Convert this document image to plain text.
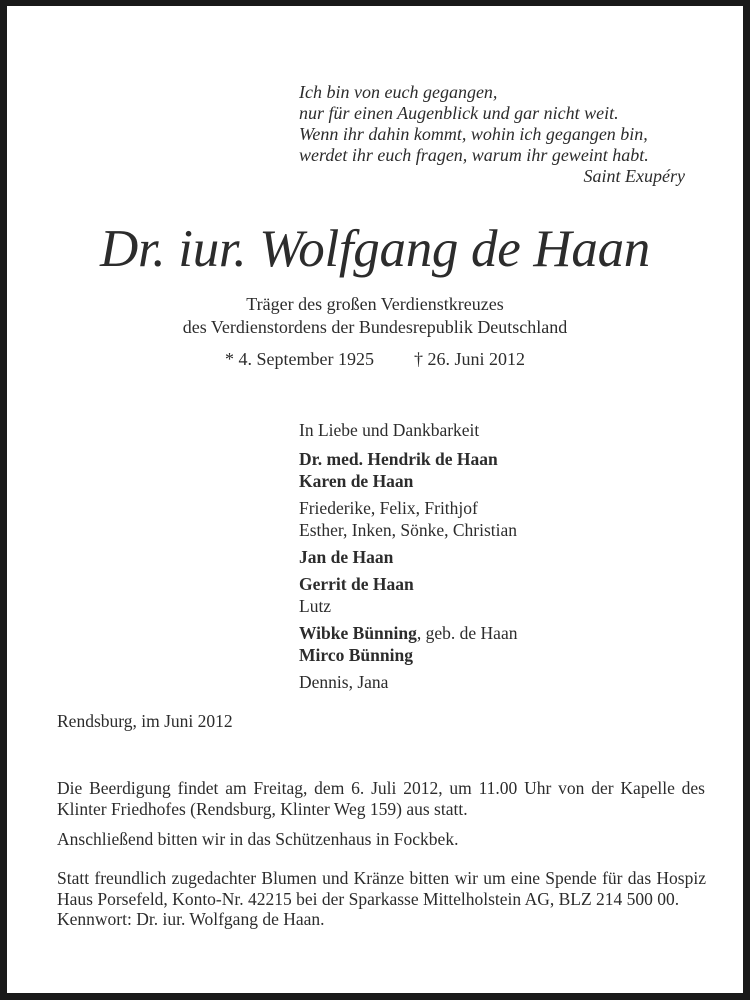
Ich bin von euch gegangen,
nur für einen Augenblick und gar nicht weit.
Wenn ihr dahin kommt, wohin ich gegangen bin,
werdet ihr euch fragen, warum ihr geweint habt.
Saint Exupéry
Dr. iur. Wolfgang de Haan
Träger des großen Verdienstkreuzes
des Verdienstordens der Bundesrepublik Deutschland
* 4. September 1925 † 26. Juni 2012
In Liebe und Dankbarkeit
Dr. med. Hendrik de Haan
Karen de Haan
Friederike, Felix, Frithjof
Esther, Inken, Sönke, Christian
Jan de Haan
Gerrit de Haan
Lutz
Wibke Bünning, geb. de Haan
Mirco Bünning
Dennis, Jana
Rendsburg, im Juni 2012

Die Beerdigung findet am Freitag, dem 6. Juli 2012, um 11.00 Uhr von der Kapelle des Klinter Friedhofes (Rendsburg, Klinter Weg 159) aus statt.

Anschließend bitten wir in das Schützenhaus in Fockbek.

Statt freundlich zugedachter Blumen und Kränze bitten wir um eine Spende für das Hospiz Haus Porsefeld, Konto-Nr. 42215 bei der Sparkasse Mittelholstein AG, BLZ 214 500 00.

Kennwort: Dr. iur. Wolfgang de Haan.
